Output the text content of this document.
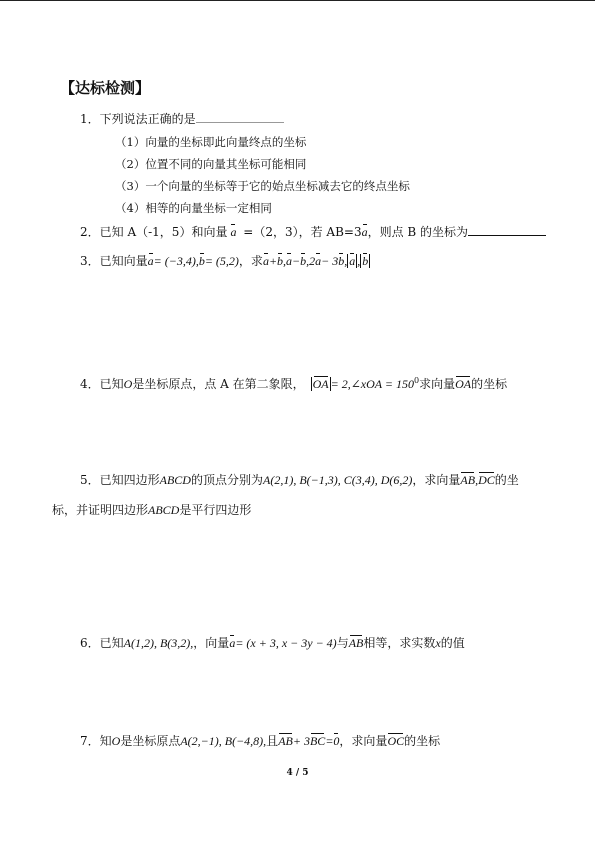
【达标检测】
1．下列说法正确的是
（1）向量的坐标即此向量终点的坐标
（2）位置不同的向量其坐标可能相同
（3）一个向量的坐标等于它的始点坐标减去它的终点坐标
（4）相等的向量坐标一定相同
2．已知 A（-1，5）和向量 a =（2，3），若 AB=3a，则点 B 的坐标为
3．已知向量a= (−3,4),b= (5,2)，求a+b,a−b,2a− 3b, a , b
4．已知O是坐标原点，点 A 在第二象限， OA = 2,∠xOA = $150^0$求向量OA的坐标
5．已知四边形ABCD的顶点分别为A(2,1), B(−1,3), C(3,4), D(6,2)，求向量AB,DC的坐
标，并证明四边形ABCD是平行四边形
6．已知A(1,2), B(3,2),，向量a= (x + 3, x − 3y − 4)与AB相等，求实数x的值
7．知O是坐标原点A(2,−1), B(−4,8),且AB+ 3BC=0，求向量OC的坐标
4 / 5
